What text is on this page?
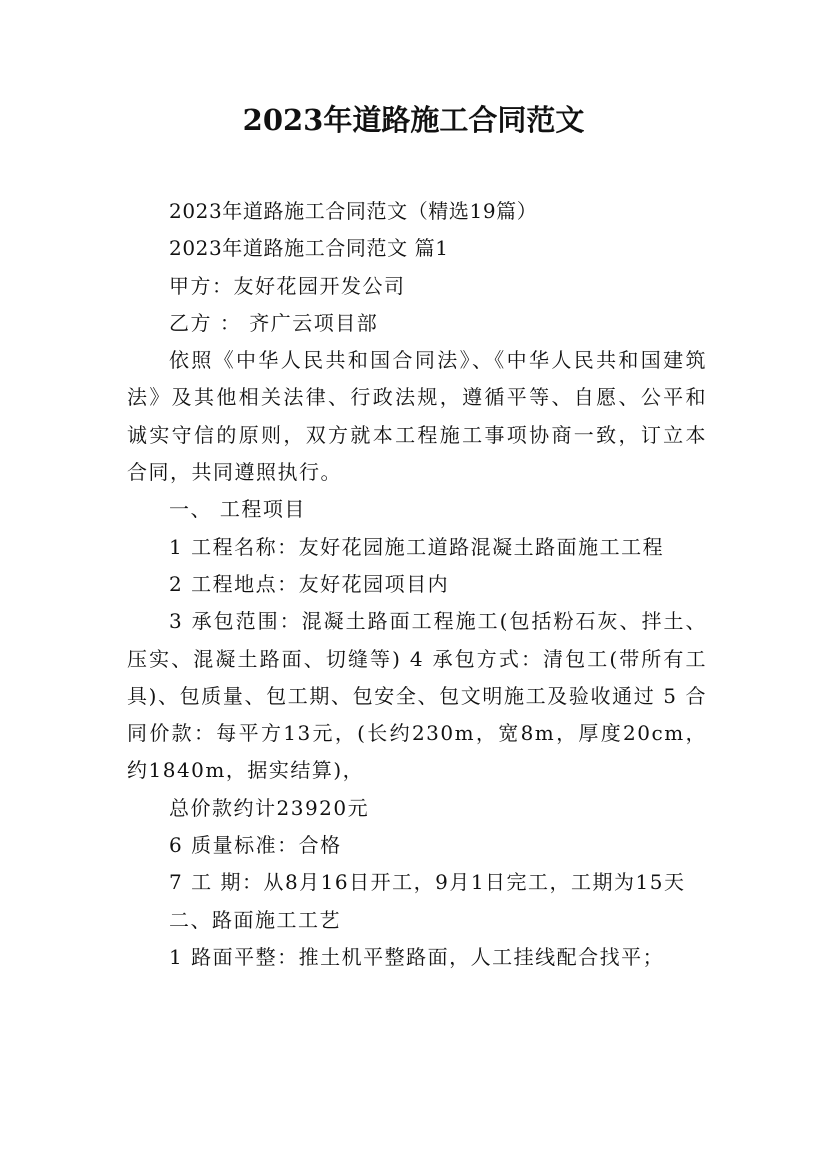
2023年道路施工合同范文

2023年道路施工合同范文（精选19篇）

2023年道路施工合同范文 篇1

甲方：友好花园开发公司

乙方 ： 齐广云项目部

依照《中华人民共和国合同法》、《中华人民共和国建筑法》及其他相关法律、行政法规，遵循平等、自愿、公平和诚实守信的原则，双方就本工程施工事项协商一致，订立本合同，共同遵照执行。

一、 工程项目

1 工程名称：友好花园施工道路混凝土路面施工工程

2 工程地点：友好花园项目内

3 承包范围：混凝土路面工程施工(包括粉石灰、拌土、压实、混凝土路面、切缝等) 4 承包方式：清包工(带所有工具)、包质量、包工期、包安全、包文明施工及验收通过 5 合同价款：每平方13元，(长约230m，宽8m，厚度20cm，约1840m，据实结算)，

总价款约计23920元

6 质量标准：合格

7 工 期：从8月16日开工，9月1日完工，工期为15天

二、路面施工工艺

1 路面平整：推土机平整路面，人工挂线配合找平；
